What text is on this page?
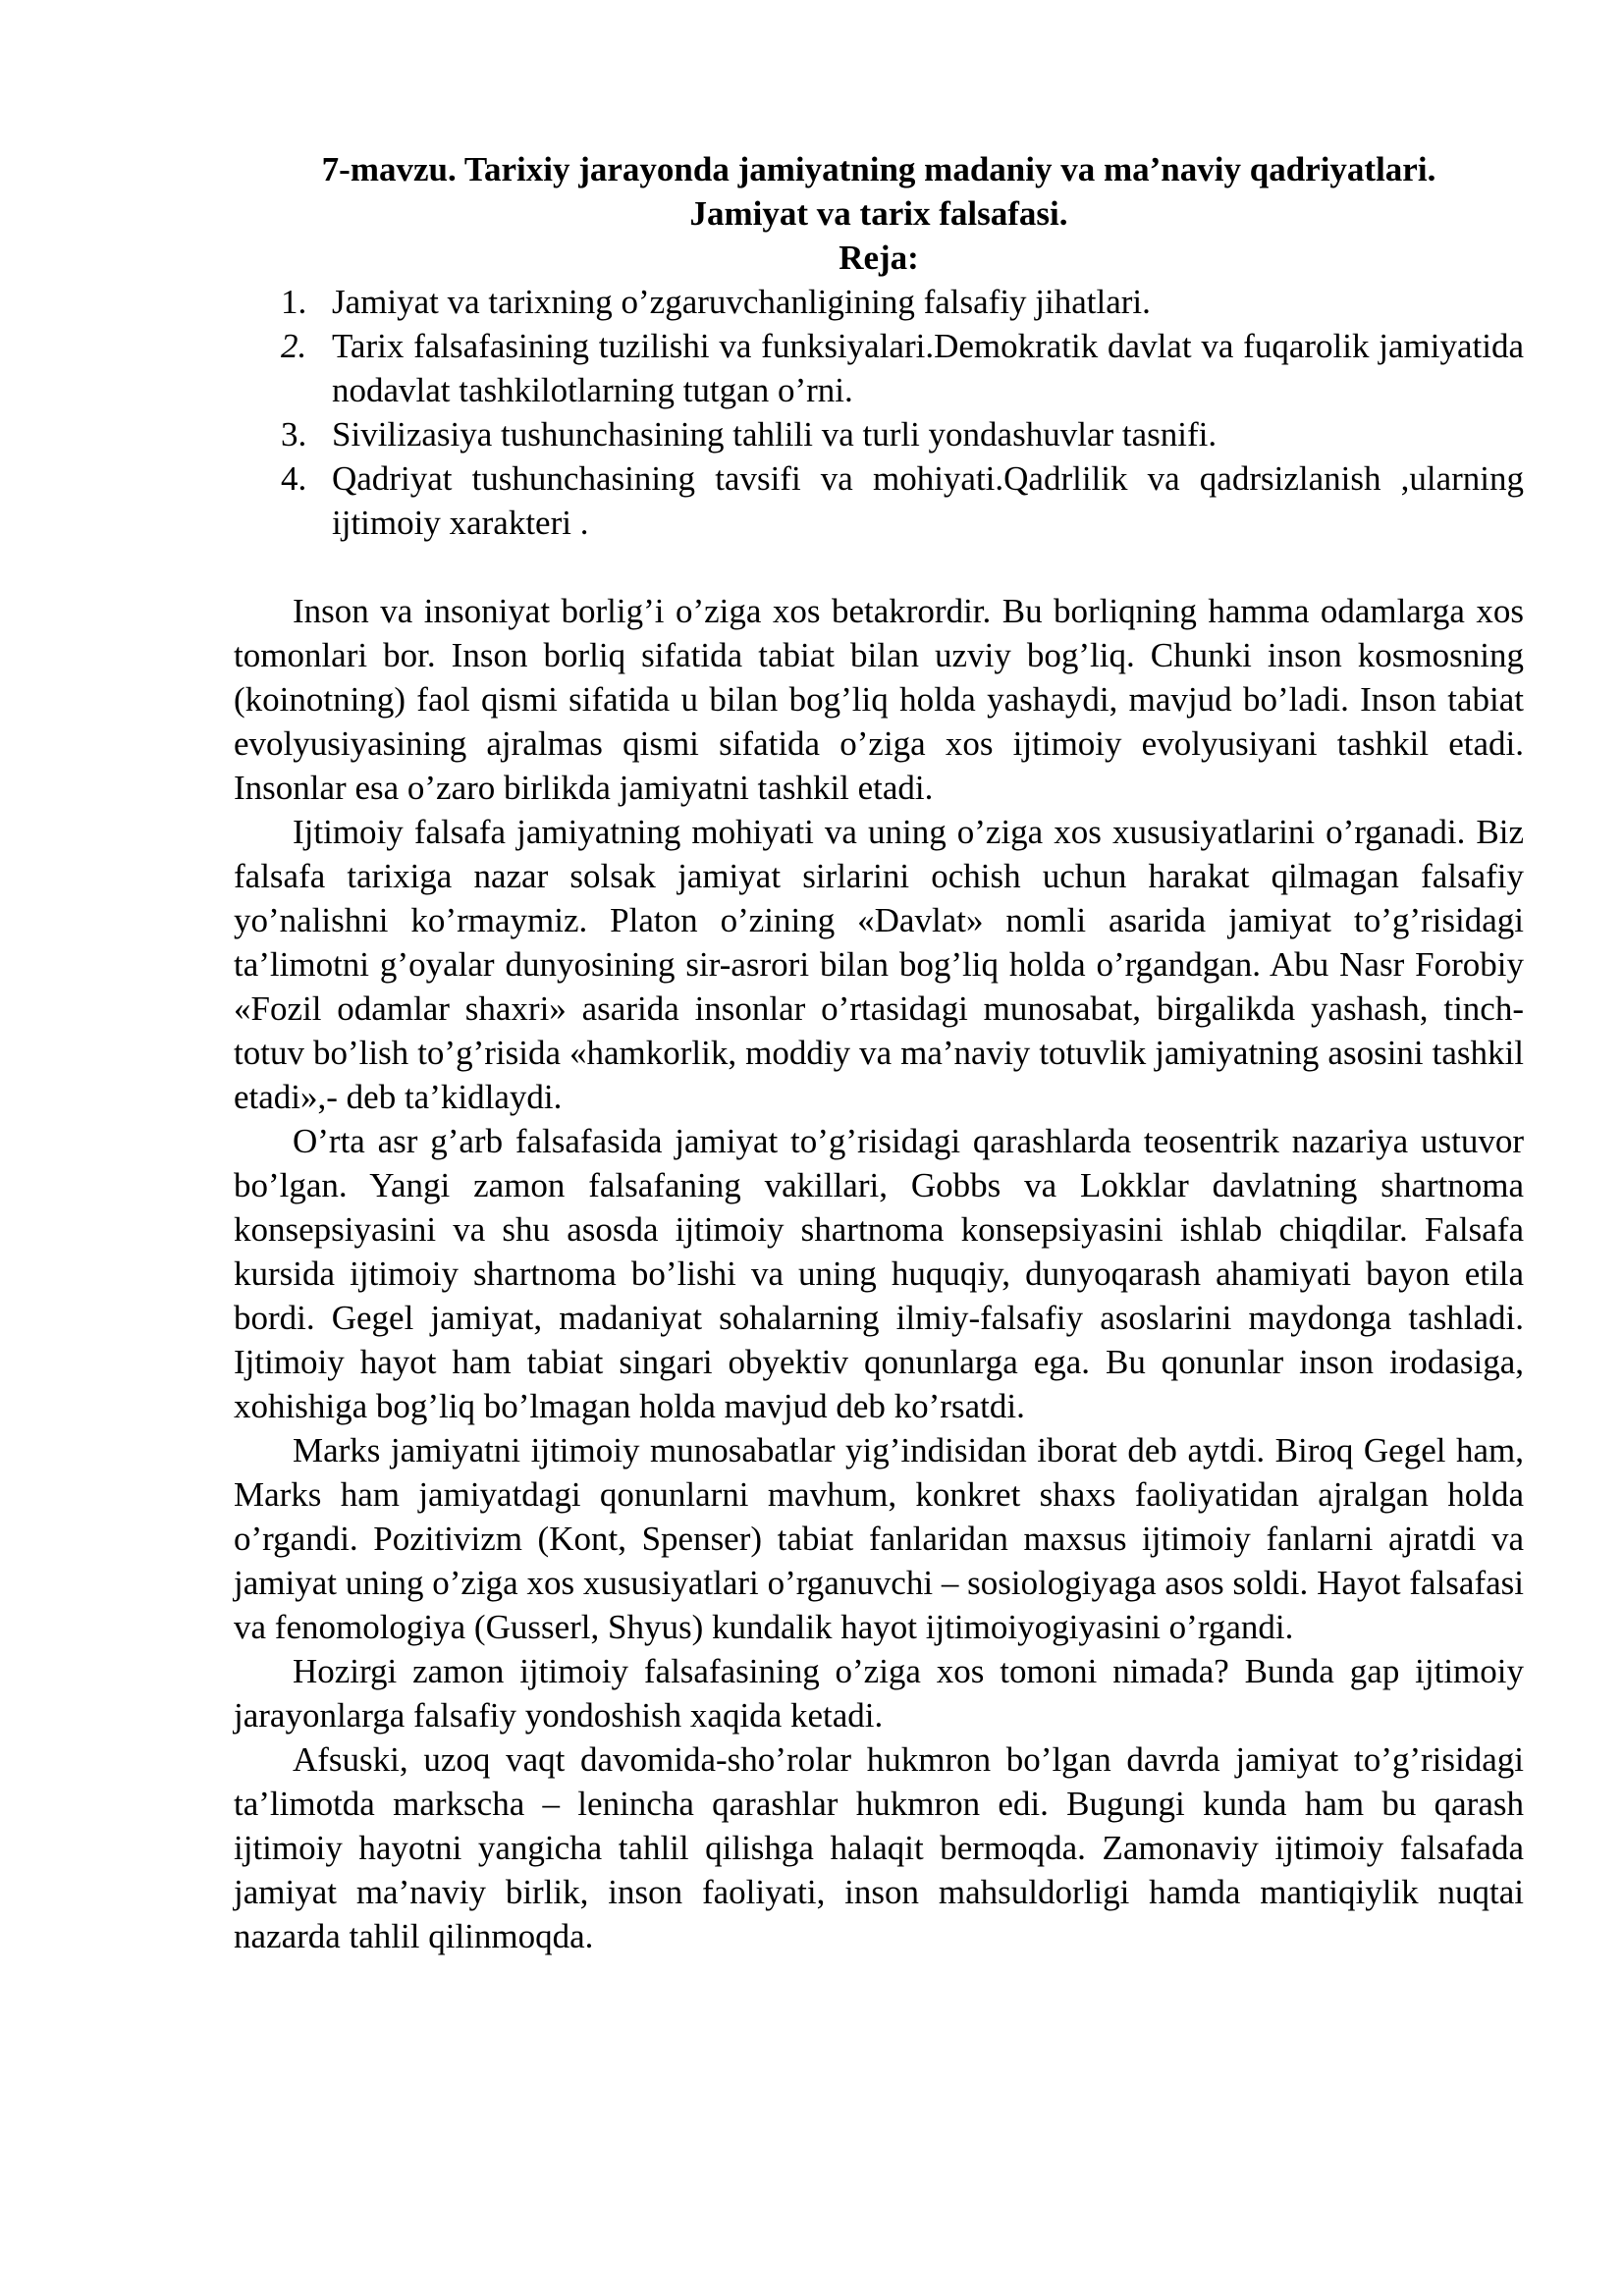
7-mavzu. Tarixiy jarayonda jamiyatning madaniy va ma’naviy qadriyatlari.

Jamiyat va tarix falsafasi.

Reja:

1. Jamiyat va tarixning o’zgaruvchanligining falsafiy jihatlari.
2. Tarix falsafasining tuzilishi va funksiyalari.Demokratik davlat va fuqarolik jamiyatida nodavlat tashkilotlarning tutgan o’rni.
3. Sivilizasiya tushunchasining tahlili va turli yondashuvlar tasnifi.
4. Qadriyat tushunchasining tavsifi va mohiyati.Qadrlilik va qadrsizlanish ,ularning ijtimoiy xarakteri .

Inson va insoniyat borlig’i o’ziga xos betakrordir. Bu borliqning hamma odamlarga xos tomonlari bor. Inson borliq sifatida tabiat bilan uzviy bog’liq. Chunki inson kosmosning (koinotning) faol qismi sifatida u bilan bog’liq holda yashaydi, mavjud bo’ladi. Inson tabiat evolyusiyasining ajralmas qismi sifatida o’ziga xos ijtimoiy evolyusiyani tashkil etadi. Insonlar esa o’zaro birlikda jamiyatni tashkil etadi.

Ijtimoiy falsafa jamiyatning mohiyati va uning o’ziga xos xususiyatlarini o’rganadi. Biz falsafa tarixiga nazar solsak jamiyat sirlarini ochish uchun harakat qilmagan falsafiy yo’nalishni ko’rmaymiz. Platon o’zining «Davlat» nomli asarida jamiyat to’g’risidagi ta’limotni g’oyalar dunyosining sir-asrori bilan bog’liq holda o’rgandgan. Abu Nasr Forobiy «Fozil odamlar shaxri» asarida insonlar o’rtasidagi munosabat, birgalikda yashash, tinch-totuv bo’lish to’g’risida «hamkorlik, moddiy va ma’naviy totuvlik jamiyatning asosini tashkil etadi»,- deb ta’kidlaydi.

O’rta asr g’arb falsafasida jamiyat to’g’risidagi qarashlarda teosentrik nazariya ustuvor bo’lgan. Yangi zamon falsafaning vakillari, Gobbs va Lokklar davlatning shartnoma konsepsiyasini va shu asosda ijtimoiy shartnoma konsepsiyasini ishlab chiqdilar. Falsafa kursida ijtimoiy shartnoma bo’lishi va uning huquqiy, dunyoqarash ahamiyati bayon etila bordi. Gegel jamiyat, madaniyat sohalarning ilmiy-falsafiy asoslarini maydonga tashladi. Ijtimoiy hayot ham tabiat singari obyektiv qonunlarga ega. Bu qonunlar inson irodasiga, xohishiga bog’liq bo’lmagan holda mavjud deb ko’rsatdi.

Marks jamiyatni ijtimoiy munosabatlar yig’indisidan iborat deb aytdi. Biroq Gegel ham, Marks ham jamiyatdagi qonunlarni mavhum, konkret shaxs faoliyatidan ajralgan holda o’rgandi. Pozitivizm (Kont, Spenser) tabiat fanlaridan maxsus ijtimoiy fanlarni ajratdi va jamiyat uning o’ziga xos xususiyatlari o’rganuvchi – sosiologiyaga asos soldi. Hayot falsafasi va fenomologiya (Gusserl, Shyus) kundalik hayot ijtimoiyogiyasini o’rgandi.

Hozirgi zamon ijtimoiy falsafasining o’ziga xos tomoni nimada? Bunda gap ijtimoiy jarayonlarga falsafiy yondoshish xaqida ketadi.

Afsuski, uzoq vaqt davomida-sho’rolar hukmron bo’lgan davrda jamiyat to’g’risidagi ta’limotda markscha – lenincha qarashlar hukmron edi. Bugungi kunda ham bu qarash ijtimoiy hayotni yangicha tahlil qilishga halaqit bermoqda. Zamonaviy ijtimoiy falsafada jamiyat ma’naviy birlik, inson faoliyati, inson mahsuldorligi hamda mantiqiylik nuqtai nazarda tahlil qilinmoqda.
